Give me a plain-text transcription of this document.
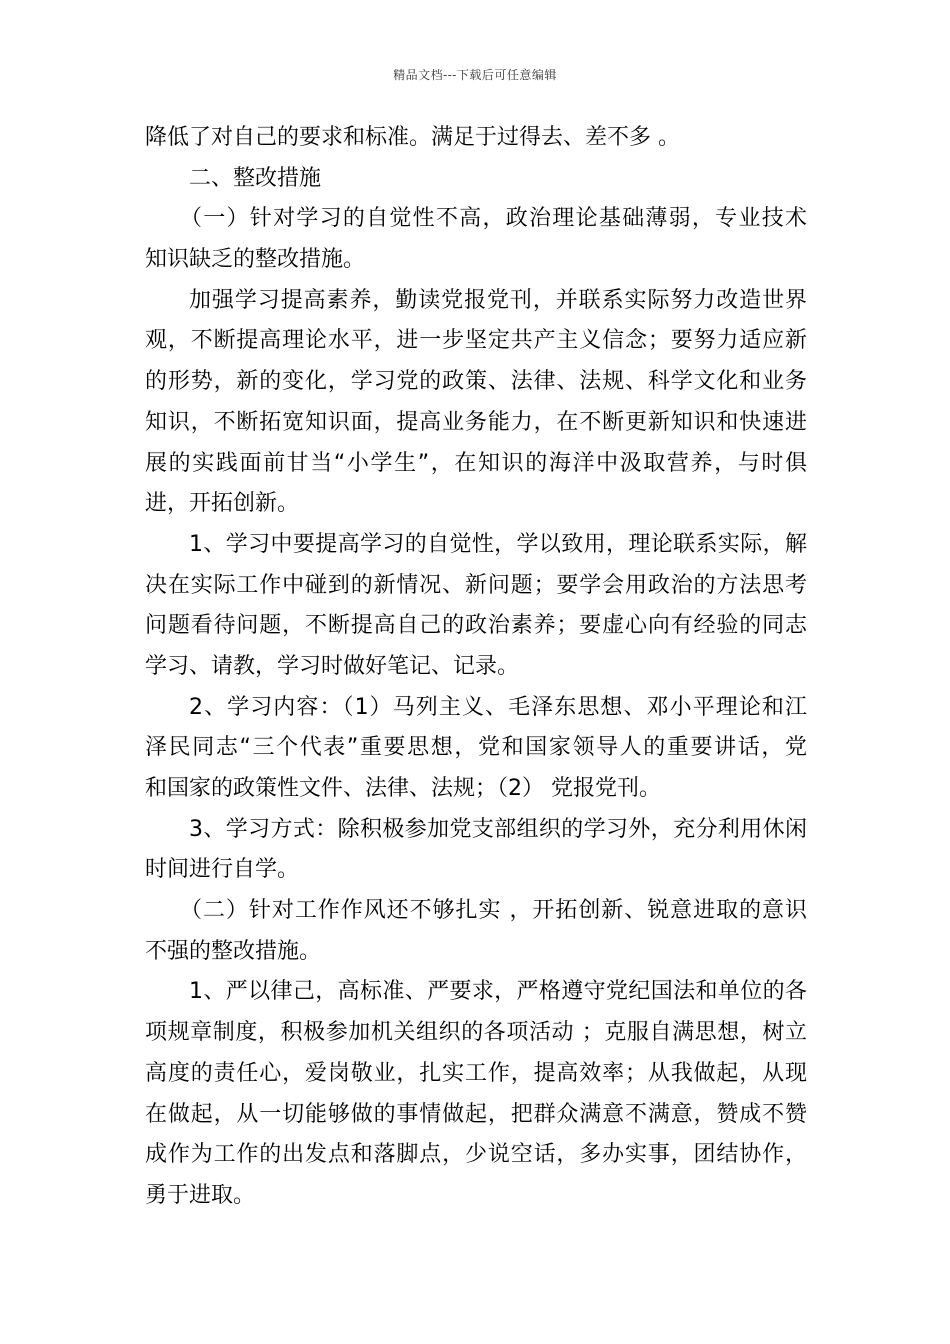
精品文档---下载后可任意编辑
降低了对自己的要求和标准。满足于过得去、差不多 。
二、整改措施
（一）针对学习的自觉性不高，政治理论基础薄弱，专业技术
知识缺乏的整改措施。
加强学习提高素养，勤读党报党刊，并联系实际努力改造世界
观，不断提高理论水平，进一步坚定共产主义信念；要努力适应新
的形势，新的变化，学习党的政策、法律、法规、科学文化和业务
知识，不断拓宽知识面，提高业务能力，在不断更新知识和快速进
展的实践面前甘当“小学生”，在知识的海洋中汲取营养，与时俱
进，开拓创新。
1、学习中要提高学习的自觉性，学以致用，理论联系实际，解
决在实际工作中碰到的新情况、新问题；要学会用政治的方法思考
问题看待问题，不断提高自己的政治素养；要虚心向有经验的同志
学习、请教，学习时做好笔记、记录。
2、学习内容：（1）马列主义、毛泽东思想、邓小平理论和江
泽民同志“三个代表”重要思想，党和国家领导人的重要讲话，党
和国家的政策性文件、法律、法规；（2） 党报党刊。
3、学习方式：除积极参加党支部组织的学习外，充分利用休闲
时间进行自学。
（二）针对工作作风还不够扎实 ，开拓创新、锐意进取的意识
不强的整改措施。
1、严以律己，高标准、严要求，严格遵守党纪国法和单位的各
项规章制度，积极参加机关组织的各项活动 ；克服自满思想，树立
高度的责任心，爱岗敬业，扎实工作，提高效率；从我做起，从现
在做起，从一切能够做的事情做起，把群众满意不满意，赞成不赞
成作为工作的出发点和落脚点，少说空话，多办实事，团结协作，
勇于进取。
